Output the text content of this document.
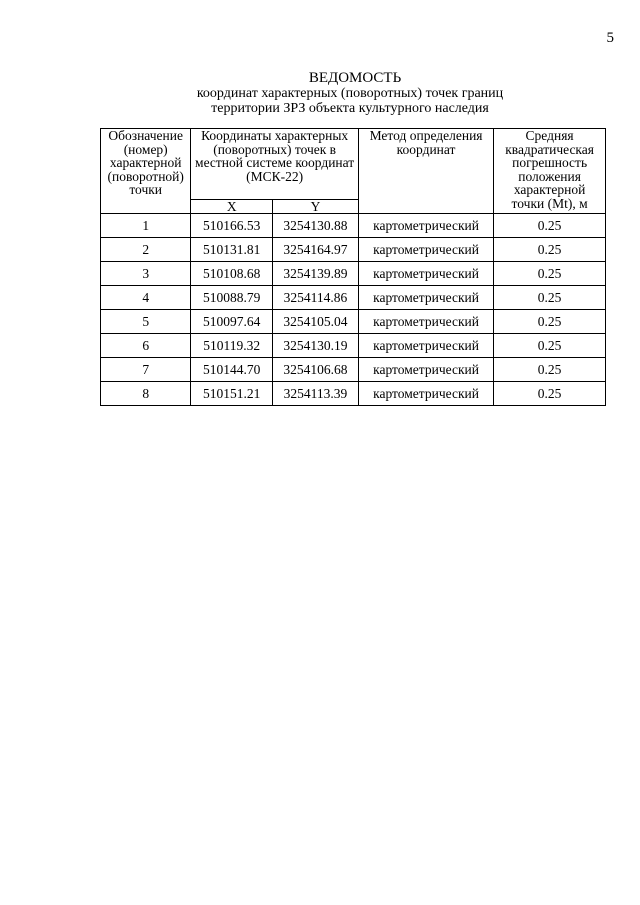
5
ВЕДОМОСТЬ
координат характерных (поворотных) точек границ
территории ЗРЗ объекта культурного наследия
Обозначение (номер) характерной (поворотной) точки	Координаты характерных (поворотных) точек в местной системе координат (МСК-22)		Метод определения координат	Средняя квадратическая погрешность положения характерной точки (Mt), м
	X	Y		
1	510166.53	3254130.88	картометрический	0.25
2	510131.81	3254164.97	картометрический	0.25
3	510108.68	3254139.89	картометрический	0.25
4	510088.79	3254114.86	картометрический	0.25
5	510097.64	3254105.04	картометрический	0.25
6	510119.32	3254130.19	картометрический	0.25
7	510144.70	3254106.68	картометрический	0.25
8	510151.21	3254113.39	картометрический	0.25
